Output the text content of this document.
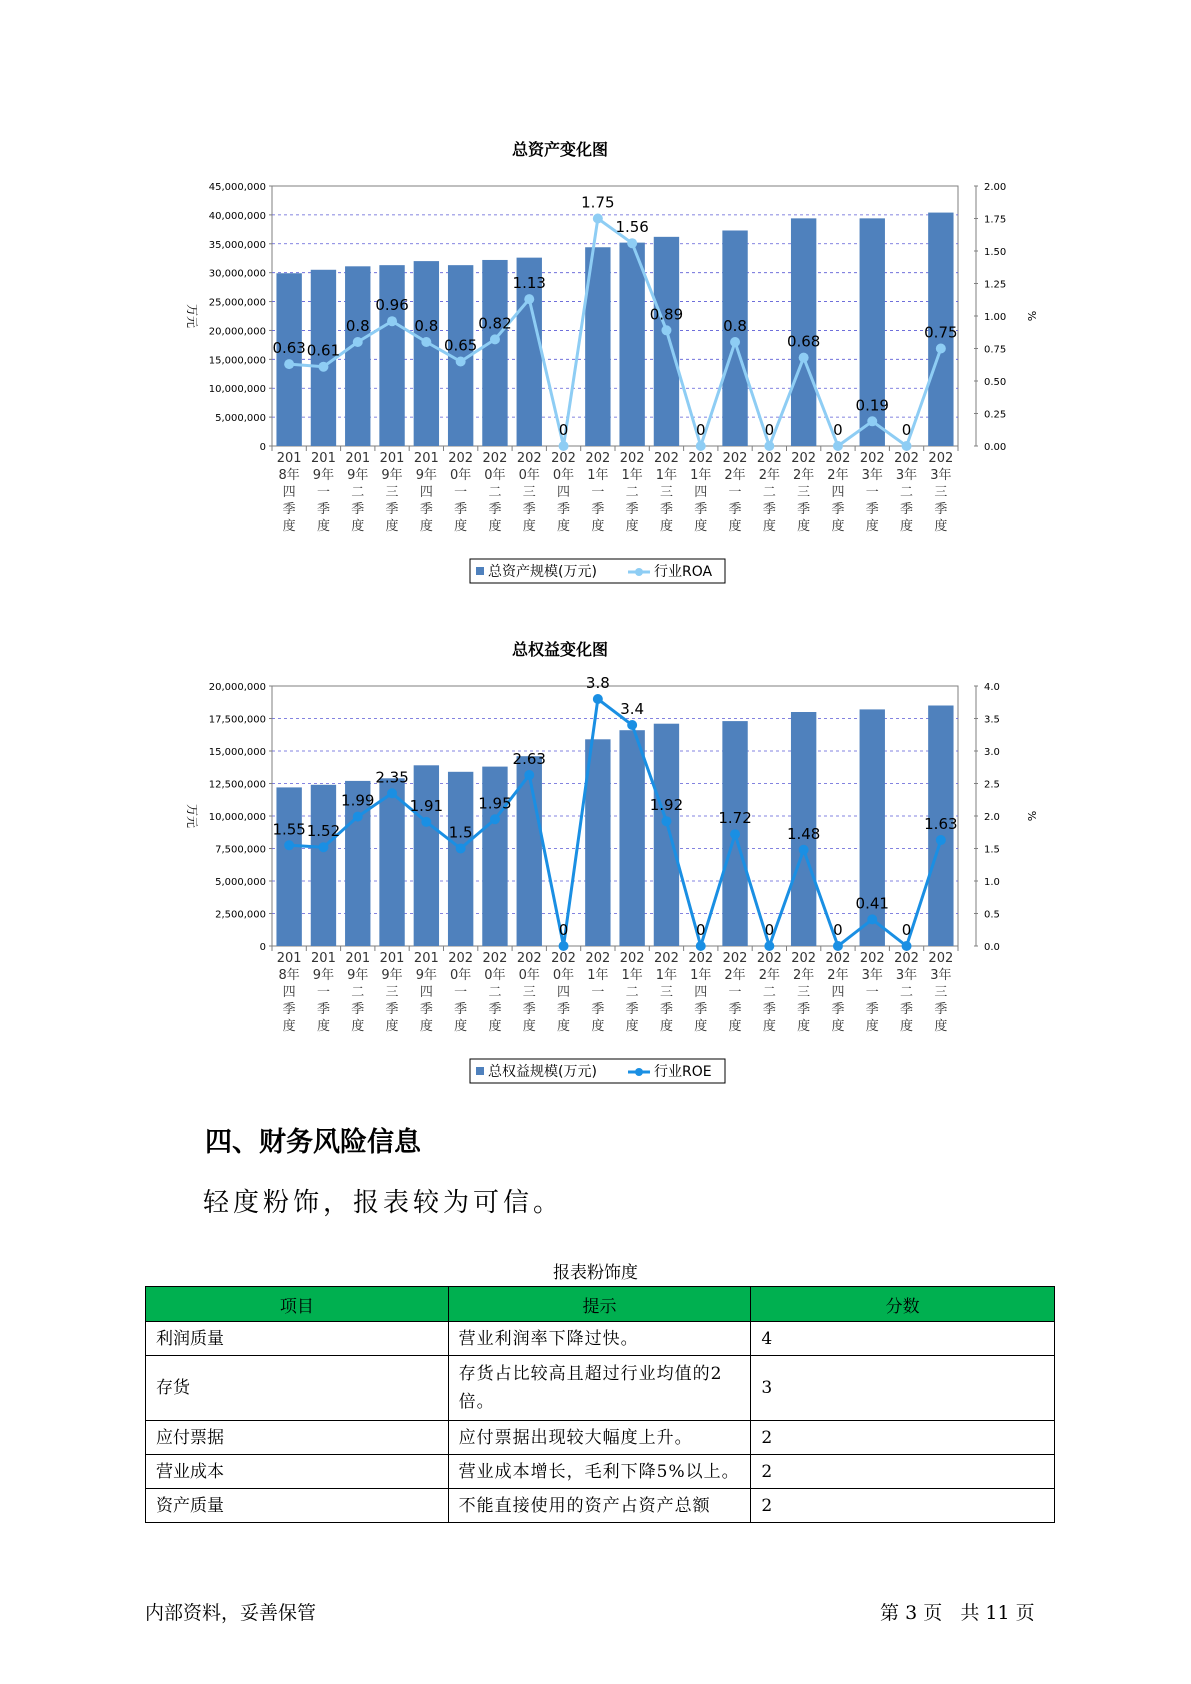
总资产变化图
45,000,000
40,000,000
35,000,000
30,000,000
25,000,000
20,000,000
15,000,000
10,000,000
5,000,000
0
2.00
1.75
1.50
1.25
1.00
0.75
0.50
0.25
0.00
万元	%
201 8年四季度
201 9年一季度
201 9年二季度
201 9年三季度
201 9年四季度
202 0年一季度
202 0年二季度
202 0年三季度
202 0年四季度
202 1年一季度
202 1年二季度
202 1年三季度
202 1年四季度
202 2年一季度
202 2年二季度
202 2年三季度
202 2年四季度
202 3年一季度
202 3年二季度
202 3年三季度
0.63 0.61
0.8
0.96
0.8
0.65
0.82
1.13
0
1.75
1.56
0.89
0
0.8
0
0.68
0
0.19
0
0.75
总资产规模(万元)	行业ROA
总权益变化图
20,000,000
17,500,000
15,000,000
12,500,000
10,000,000
7,500,000
5,000,000
2,500,000
0
4.0
3.5
3.0
2.5
2.0
1.5
1.0
0.5
0.0
万元	%
201 8年四季度
201 9年一季度
201 9年二季度
201 9年三季度
201 9年四季度
202 0年一季度
202 0年二季度
202 0年三季度
202 0年四季度
202 1年一季度
202 1年二季度
202 1年三季度
202 1年四季度
202 2年一季度
202 2年二季度
202 2年三季度
202 2年四季度
202 3年一季度
202 3年二季度
202 3年三季度
1.55 1.52
1.99
2.35
1.91
1.5
1.95
2.63
0
3.8
3.4
1.92
0
1.72
0
1.48
0
0.41
0
1.63
总权益规模(万元)	行业ROE
四、财务风险信息

轻度粉饰，报表较为可信。

报表粉饰度
项目	提示	分数
利润质量	营业利润率下降过快。	4
存货	存货占比较高且超过行业均值的2倍。	3
应付票据	应付票据出现较大幅度上升。	2
营业成本	营业成本增长，毛利下降5%以上。	2
资产质量	不能直接使用的资产占资产总额	2
内部资料，妥善保管	第 3 页 共 11 页
